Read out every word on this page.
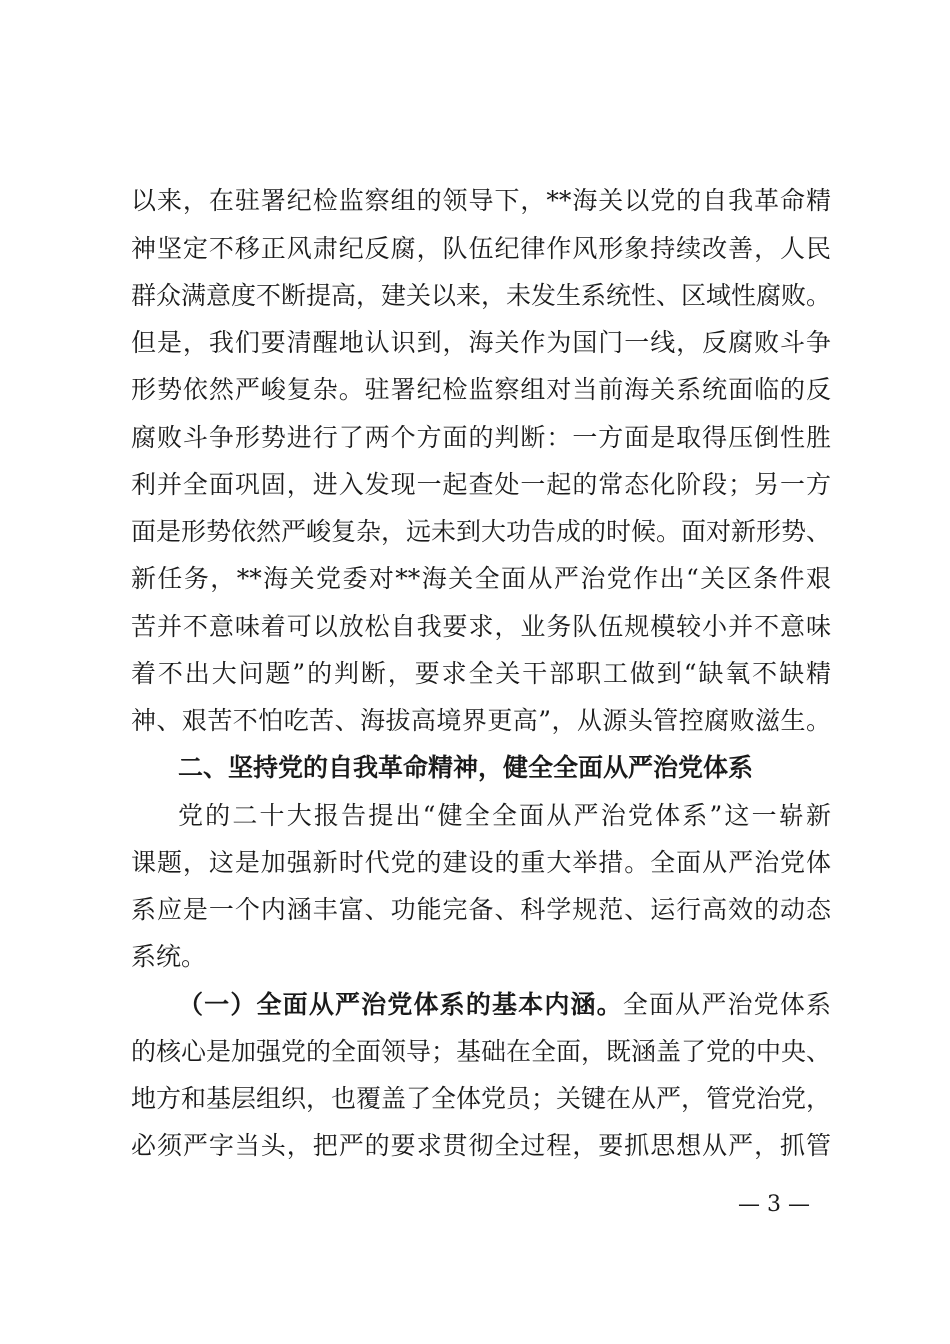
以来，在驻署纪检监察组的领导下，**海关以党的自我革命精
神坚定不移正风肃纪反腐，队伍纪律作风形象持续改善，人民
群众满意度不断提高，建关以来，未发生系统性、区域性腐败。
但是，我们要清醒地认识到，海关作为国门一线，反腐败斗争
形势依然严峻复杂。驻署纪检监察组对当前海关系统面临的反
腐败斗争形势进行了两个方面的判断：一方面是取得压倒性胜
利并全面巩固，进入发现一起查处一起的常态化阶段；另一方
面是形势依然严峻复杂，远未到大功告成的时候。面对新形势、
新任务，**海关党委对**海关全面从严治党作出“关区条件艰
苦并不意味着可以放松自我要求，业务队伍规模较小并不意味
着不出大问题”的判断，要求全关干部职工做到“缺氧不缺精
神、艰苦不怕吃苦、海拔高境界更高”，从源头管控腐败滋生。
二、坚持党的自我革命精神，健全全面从严治党体系
党的二十大报告提出“健全全面从严治党体系”这一崭新
课题，这是加强新时代党的建设的重大举措。全面从严治党体
系应是一个内涵丰富、功能完备、科学规范、运行高效的动态
系统。
（一）全面从严治党体系的基本内涵。全面从严治党体系
的核心是加强党的全面领导；基础在全面，既涵盖了党的中央、
地方和基层组织，也覆盖了全体党员；关键在从严，管党治党，
必须严字当头，把严的要求贯彻全过程，要抓思想从严，抓管
— 3 —
